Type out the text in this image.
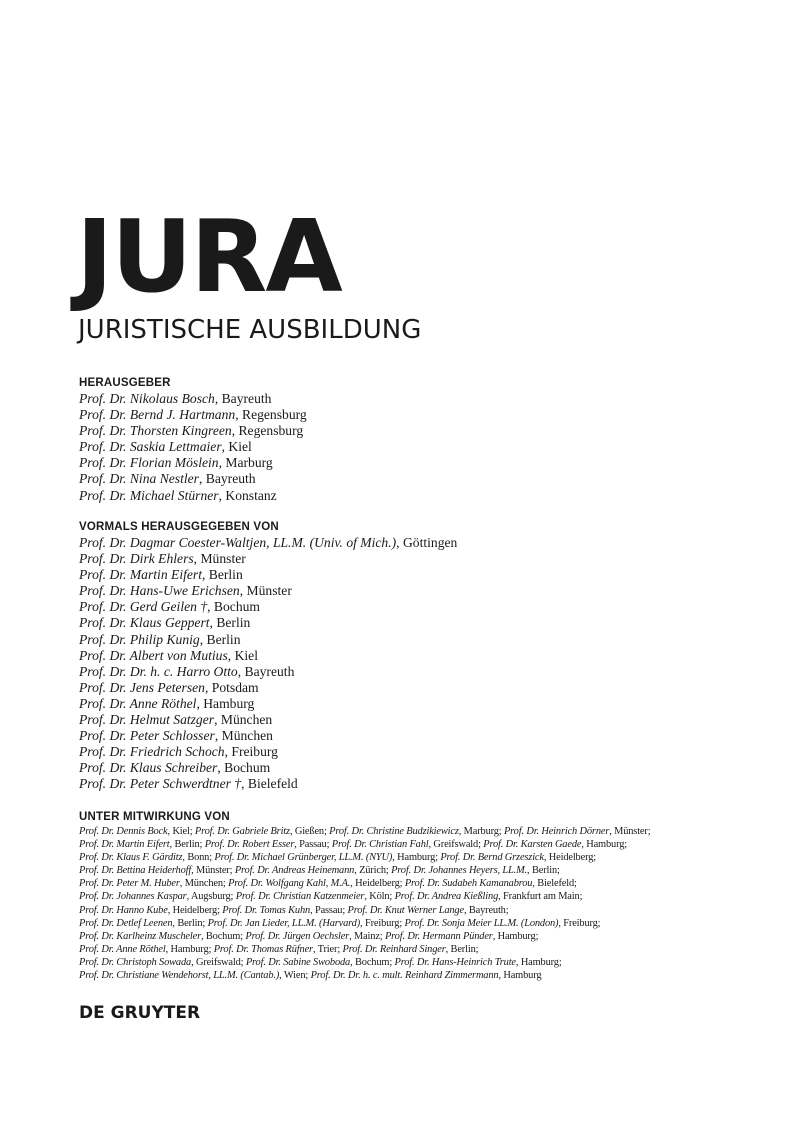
JURA
JURISTISCHE AUSBILDUNG
HERAUSGEBER
Prof. Dr. Nikolaus Bosch, Bayreuth
Prof. Dr. Bernd J. Hartmann, Regensburg
Prof. Dr. Thorsten Kingreen, Regensburg
Prof. Dr. Saskia Lettmaier, Kiel
Prof. Dr. Florian Möslein, Marburg
Prof. Dr. Nina Nestler, Bayreuth
Prof. Dr. Michael Stürner, Konstanz
VORMALS HERAUSGEGEBEN VON
Prof. Dr. Dagmar Coester-Waltjen, LL.M. (Univ. of Mich.), Göttingen
Prof. Dr. Dirk Ehlers, Münster
Prof. Dr. Martin Eifert, Berlin
Prof. Dr. Hans-Uwe Erichsen, Münster
Prof. Dr. Gerd Geilen †, Bochum
Prof. Dr. Klaus Geppert, Berlin
Prof. Dr. Philip Kunig, Berlin
Prof. Dr. Albert von Mutius, Kiel
Prof. Dr. Dr. h. c. Harro Otto, Bayreuth
Prof. Dr. Jens Petersen, Potsdam
Prof. Dr. Anne Röthel, Hamburg
Prof. Dr. Helmut Satzger, München
Prof. Dr. Peter Schlosser, München
Prof. Dr. Friedrich Schoch, Freiburg
Prof. Dr. Klaus Schreiber, Bochum
Prof. Dr. Peter Schwerdtner †, Bielefeld
UNTER MITWIRKUNG VON
Prof. Dr. Dennis Bock, Kiel; Prof. Dr. Gabriele Britz, Gießen; Prof. Dr. Christine Budzikiewicz, Marburg; Prof. Dr. Heinrich Dörner, Münster;
Prof. Dr. Martin Eifert, Berlin; Prof. Dr. Robert Esser, Passau; Prof. Dr. Christian Fahl, Greifswald; Prof. Dr. Karsten Gaede, Hamburg;
Prof. Dr. Klaus F. Gärditz, Bonn; Prof. Dr. Michael Grünberger, LL.M. (NYU), Hamburg; Prof. Dr. Bernd Grzeszick, Heidelberg;
Prof. Dr. Bettina Heiderhoff, Münster; Prof. Dr. Andreas Heinemann, Zürich; Prof. Dr. Johannes Heyers, LL.M., Berlin;
Prof. Dr. Peter M. Huber, München; Prof. Dr. Wolfgang Kahl, M.A., Heidelberg; Prof. Dr. Sudabeh Kamanabrou, Bielefeld;
Prof. Dr. Johannes Kaspar, Augsburg; Prof. Dr. Christian Katzenmeier, Köln; Prof. Dr. Andrea Kießling, Frankfurt am Main;
Prof. Dr. Hanno Kube, Heidelberg; Prof. Dr. Tomas Kuhn, Passau; Prof. Dr. Knut Werner Lange, Bayreuth;
Prof. Dr. Detlef Leenen, Berlin; Prof. Dr. Jan Lieder, LL.M. (Harvard), Freiburg; Prof. Dr. Sonja Meier LL.M. (London), Freiburg;
Prof. Dr. Karlheinz Muscheler, Bochum; Prof. Dr. Jürgen Oechsler, Mainz; Prof. Dr. Hermann Pünder, Hamburg;
Prof. Dr. Anne Röthel, Hamburg; Prof. Dr. Thomas Rüfner, Trier; Prof. Dr. Reinhard Singer, Berlin;
Prof. Dr. Christoph Sowada, Greifswald; Prof. Dr. Sabine Swoboda, Bochum; Prof. Dr. Hans-Heinrich Trute, Hamburg;
Prof. Dr. Christiane Wendehorst, LL.M. (Cantab.), Wien; Prof. Dr. Dr. h. c. mult. Reinhard Zimmermann, Hamburg
DE GRUYTER
